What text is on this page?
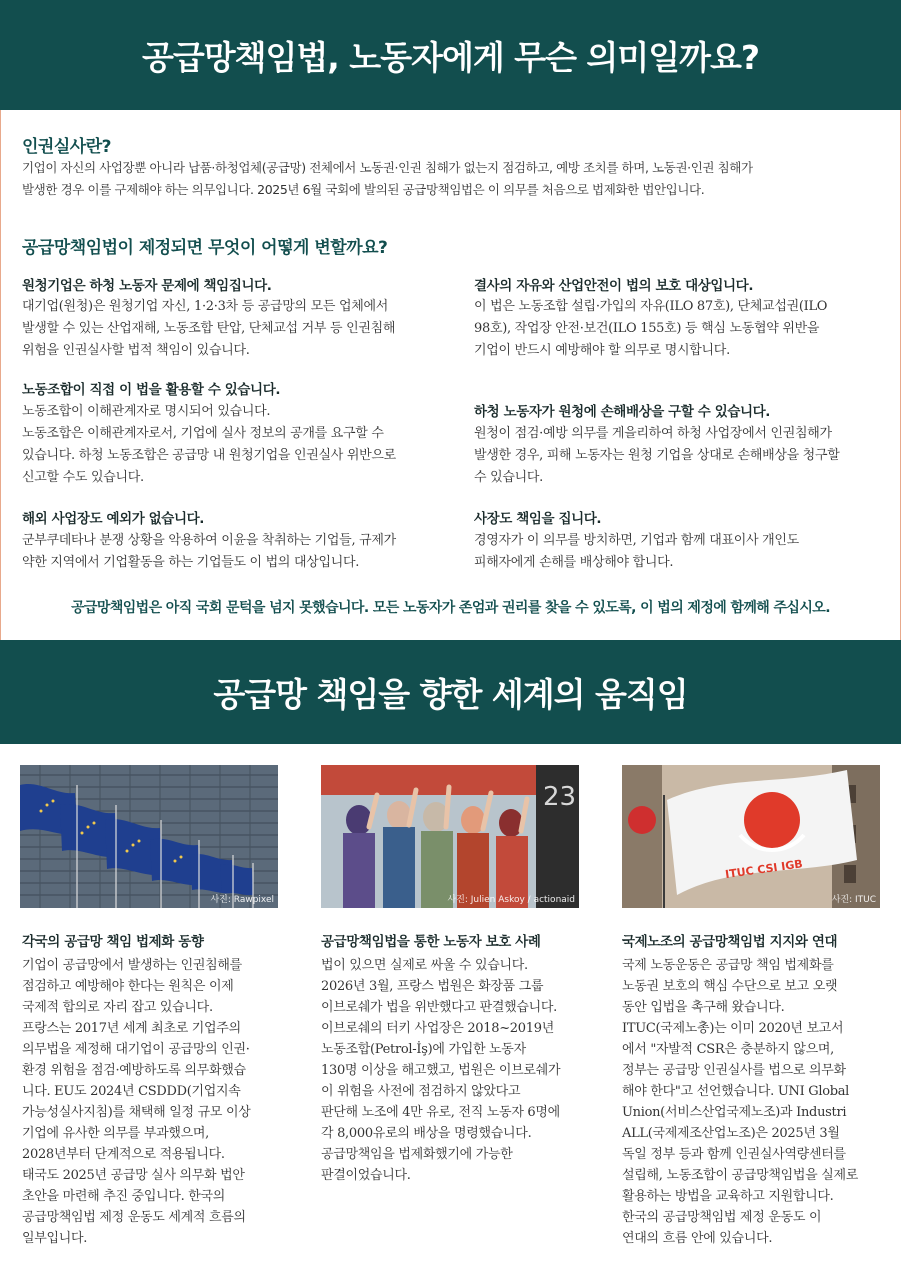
공급망책임법, 노동자에게 무슨 의미일까요?
인권실사란?
기업이 자신의 사업장뿐 아니라 납품·하청업체(공급망) 전체에서 노동권·인권 침해가 없는지 점검하고, 예방 조치를 하며, 노동권·인권 침해가
발생한 경우 이를 구제해야 하는 의무입니다. 2025년 6월 국회에 발의된 공급망책임법은 이 의무를 처음으로 법제화한 법안입니다.
공급망책임법이 제정되면 무엇이 어떻게 변할까요?
원청기업은 하청 노동자 문제에 책임집니다.
대기업(원청)은 원청기업 자신, 1·2·3차 등 공급망의 모든 업체에서
발생할 수 있는 산업재해, 노동조합 탄압, 단체교섭 거부 등 인권침해
위험을 인권실사할 법적 책임이 있습니다.
노동조합이 직접 이 법을 활용할 수 있습니다.
노동조합이 이해관계자로 명시되어 있습니다.
노동조합은 이해관계자로서, 기업에 실사 정보의 공개를 요구할 수
있습니다. 하청 노동조합은 공급망 내 원청기업을 인권실사 위반으로
신고할 수도 있습니다.
해외 사업장도 예외가 없습니다.
군부쿠데타나 분쟁 상황을 악용하여 이윤을 착취하는 기업들, 규제가
약한 지역에서 기업활동을 하는 기업들도 이 법의 대상입니다.
결사의 자유와 산업안전이 법의 보호 대상입니다.
이 법은 노동조합 설립·가입의 자유(ILO 87호), 단체교섭권(ILO
98호), 작업장 안전·보건(ILO 155호) 등 핵심 노동협약 위반을
기업이 반드시 예방해야 할 의무로 명시합니다.
하청 노동자가 원청에 손해배상을 구할 수 있습니다.
원청이 점검·예방 의무를 게을리하여 하청 사업장에서 인권침해가
발생한 경우, 피해 노동자는 원청 기업을 상대로 손해배상을 청구할
수 있습니다.
사장도 책임을 집니다.
경영자가 이 의무를 방치하면, 기업과 함께 대표이사 개인도
피해자에게 손해를 배상해야 합니다.
공급망책임법은 아직 국회 문턱을 넘지 못했습니다. 모든 노동자가 존엄과 권리를 찾을 수 있도록, 이 법의 제정에 함께해 주십시오.
공급망 책임을 향한 세계의 움직임
사진: Rawpixel
23
사진: Julien Askoy / actionaid
ITUC CSI IGB
사진: ITUC
각국의 공급망 책임 법제화 동향
기업이 공급망에서 발생하는 인권침해를
점검하고 예방해야 한다는 원칙은 이제
국제적 합의로 자리 잡고 있습니다.
프랑스는 2017년 세계 최초로 기업주의
의무법을 제정해 대기업이 공급망의 인권·
환경 위험을 점검·예방하도록 의무화했습
니다. EU도 2024년 CSDDD(기업지속
가능성실사지침)를 채택해 일정 규모 이상
기업에 유사한 의무를 부과했으며,
2028년부터 단계적으로 적용됩니다.
태국도 2025년 공급망 실사 의무화 법안
초안을 마련해 추진 중입니다. 한국의
공급망책임법 제정 운동도 세계적 흐름의
일부입니다.
공급망책임법을 통한 노동자 보호 사례
법이 있으면 실제로 싸울 수 있습니다.
2026년 3월, 프랑스 법원은 화장품 그룹
이브로쉐가 법을 위반했다고 판결했습니다.
이브로쉐의 터키 사업장은 2018~2019년
노동조합(Petrol-İş)에 가입한 노동자
130명 이상을 해고했고, 법원은 이브로쉐가
이 위험을 사전에 점검하지 않았다고
판단해 노조에 4만 유로, 전직 노동자 6명에
각 8,000유로의 배상을 명령했습니다.
공급망책임을 법제화했기에 가능한
판결이었습니다.
국제노조의 공급망책임법 지지와 연대
국제 노동운동은 공급망 책임 법제화를
노동권 보호의 핵심 수단으로 보고 오랫
동안 입법을 촉구해 왔습니다.
ITUC(국제노총)는 이미 2020년 보고서
에서 "자발적 CSR은 충분하지 않으며,
정부는 공급망 인권실사를 법으로 의무화
해야 한다"고 선언했습니다. UNI Global
Union(서비스산업국제노조)과 Industri
ALL(국제제조산업노조)은 2025년 3월
독일 정부 등과 함께 인권실사역량센터를
설립해, 노동조합이 공급망책임법을 실제로
활용하는 방법을 교육하고 지원합니다.
한국의 공급망책임법 제정 운동도 이
연대의 흐름 안에 있습니다.
